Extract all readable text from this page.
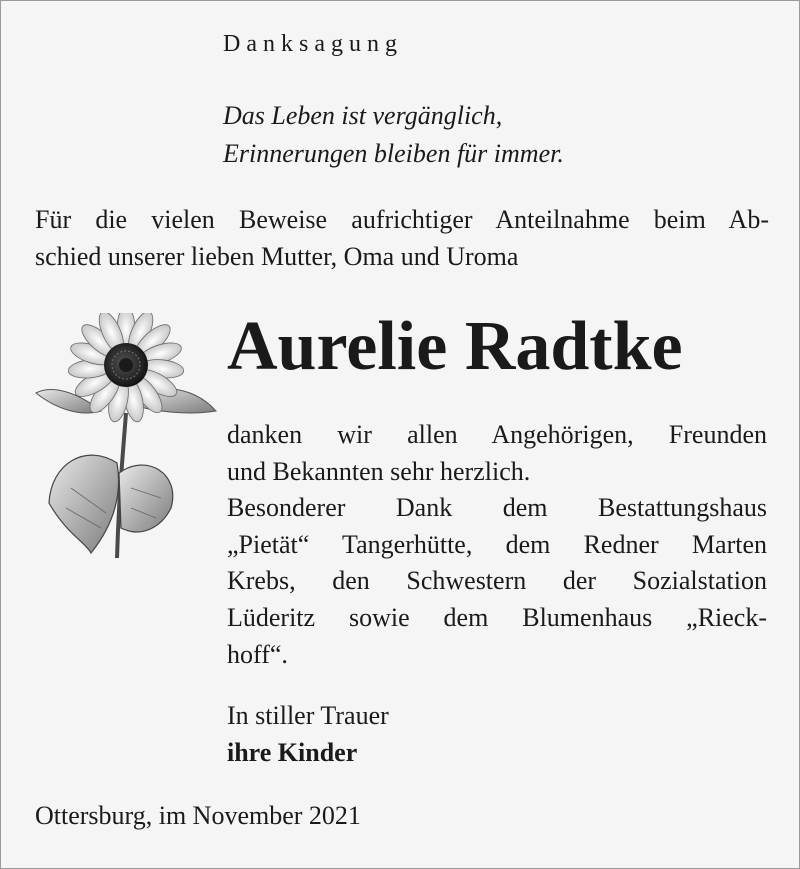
Danksagung
Das Leben ist vergänglich,
Erinnerungen bleiben für immer.
Für die vielen Beweise aufrichtiger Anteilnahme beim Ab-
schied unserer lieben Mutter, Oma und Uroma
Aurelie Radtke
danken wir allen Angehörigen, Freunden
und Bekannten sehr herzlich.
Besonderer Dank dem Bestattungshaus
„Pietät“ Tangerhütte, dem Redner Marten
Krebs, den Schwestern der Sozialstation
Lüderitz sowie dem Blumenhaus „Rieck-
hoff“.
In stiller Trauer
ihre Kinder
Ottersburg, im November 2021
